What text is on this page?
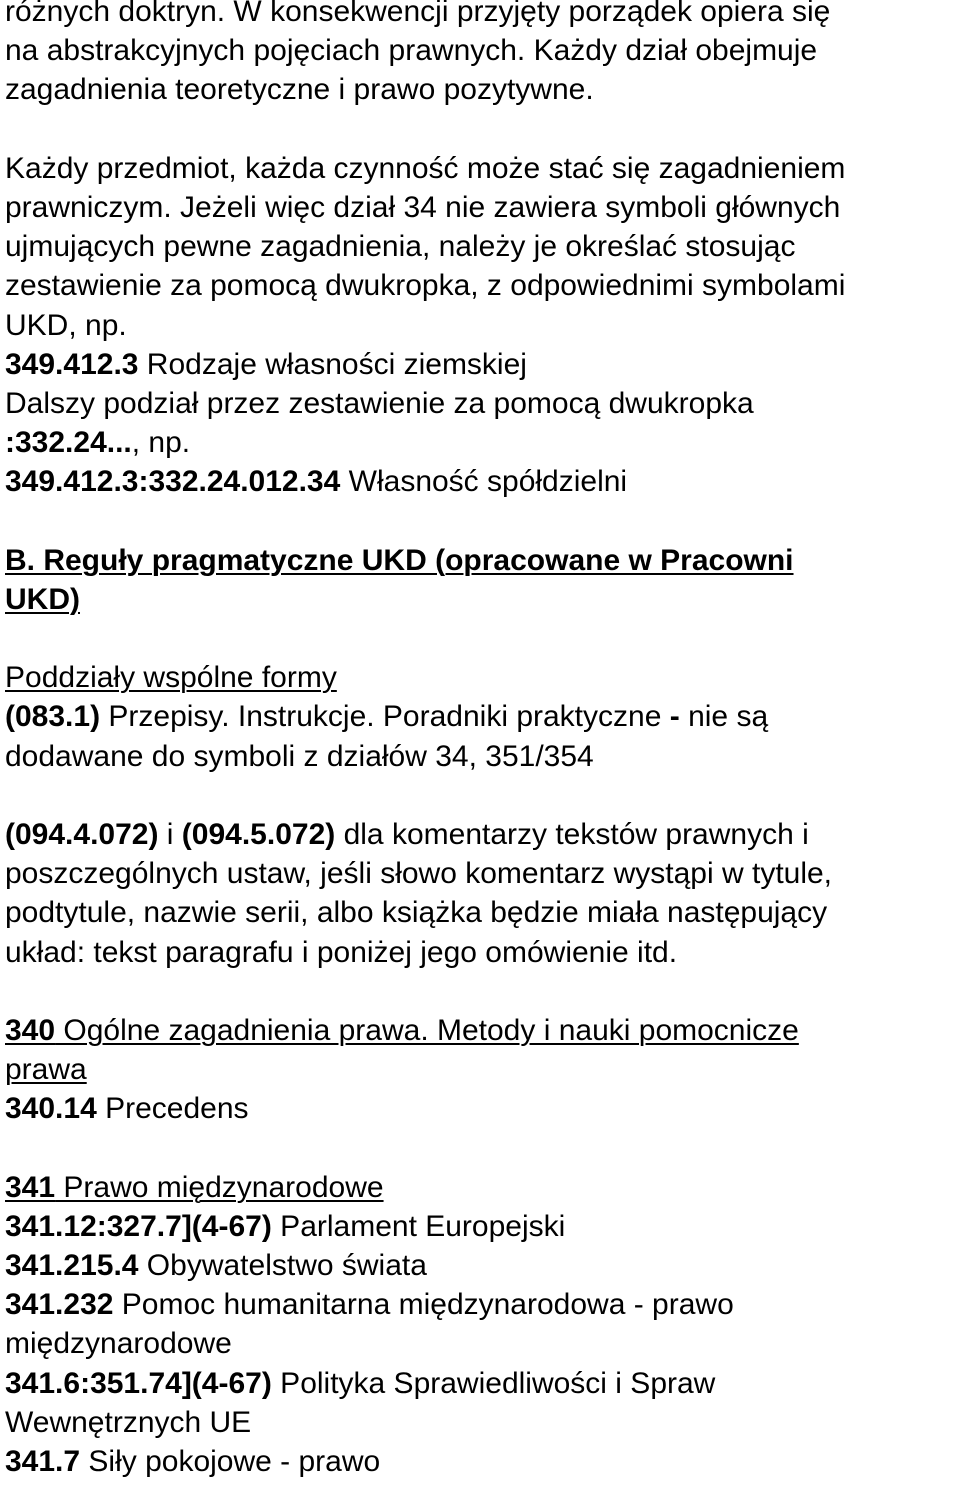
różnych doktryn. W konsekwencji przyjęty porządek opiera się
na abstrakcyjnych pojęciach prawnych. Każdy dział obejmuje
zagadnienia teoretyczne i prawo pozytywne.
Każdy przedmiot, każda czynność może stać się zagadnieniem
prawniczym. Jeżeli więc dział 34 nie zawiera symboli głównych
ujmujących pewne zagadnienia, należy je określać stosując
zestawienie za pomocą dwukropka, z odpowiednimi symbolami
UKD, np.
349.412.3 Rodzaje własności ziemskiej
Dalszy podział przez zestawienie za pomocą dwukropka
:332.24..., np.
349.412.3:332.24.012.34 Własność spółdzielni
B. Reguły pragmatyczne UKD (opracowane w Pracowni
UKD)
Poddziały wspólne formy
(083.1) Przepisy. Instrukcje. Poradniki praktyczne - nie są
dodawane do symboli z działów 34, 351/354
(094.4.072) i (094.5.072) dla komentarzy tekstów prawnych i
poszczególnych ustaw, jeśli słowo komentarz wystąpi w tytule,
podtytule, nazwie serii, albo książka będzie miała następujący
układ: tekst paragrafu i poniżej jego omówienie itd.
340 Ogólne zagadnienia prawa. Metody i nauki pomocnicze
prawa
340.14 Precedens
341 Prawo międzynarodowe
341.12:327.7](4-67) Parlament Europejski
341.215.4 Obywatelstwo świata
341.232 Pomoc humanitarna międzynarodowa - prawo
międzynarodowe
341.6:351.74](4-67) Polityka Sprawiedliwości i Spraw
Wewnętrznych UE
341.7 Siły pokojowe - prawo
